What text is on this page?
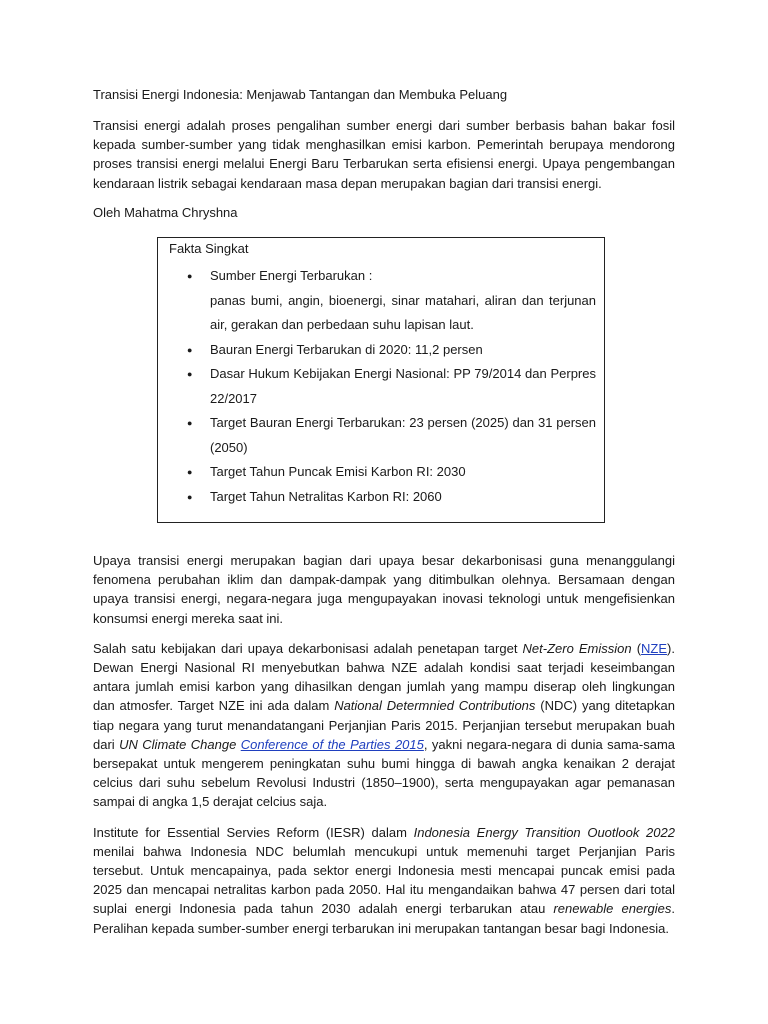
Transisi Energi Indonesia: Menjawab Tantangan dan Membuka Peluang

Transisi energi adalah proses pengalihan sumber energi dari sumber berbasis bahan bakar fosil kepada sumber-sumber yang tidak menghasilkan emisi karbon. Pemerintah berupaya mendorong proses transisi energi melalui Energi Baru Terbarukan serta efisiensi energi. Upaya pengembangan kendaraan listrik sebagai kendaraan masa depan merupakan bagian dari transisi energi.

Oleh Mahatma Chryshna
Fakta Singkat
● Sumber Energi Terbarukan :
panas bumi, angin, bioenergi, sinar matahari, aliran dan terjunan air, gerakan dan perbedaan suhu lapisan laut.
● Bauran Energi Terbarukan di 2020: 11,2 persen
● Dasar Hukum Kebijakan Energi Nasional: PP 79/2014 dan Perpres 22/2017
● Target Bauran Energi Terbarukan: 23 persen (2025) dan 31 persen (2050)
● Target Tahun Puncak Emisi Karbon RI: 2030
● Target Tahun Netralitas Karbon RI: 2060

Upaya transisi energi merupakan bagian dari upaya besar dekarbonisasi guna menanggulangi fenomena perubahan iklim dan dampak-dampak yang ditimbulkan olehnya. Bersamaan dengan upaya transisi energi, negara-negara juga mengupayakan inovasi teknologi untuk mengefisienkan konsumsi energi mereka saat ini.

Salah satu kebijakan dari upaya dekarbonisasi adalah penetapan target Net-Zero Emission (NZE). Dewan Energi Nasional RI menyebutkan bahwa NZE adalah kondisi saat terjadi keseimbangan antara jumlah emisi karbon yang dihasilkan dengan jumlah yang mampu diserap oleh lingkungan dan atmosfer. Target NZE ini ada dalam National Determnied Contributions (NDC) yang ditetapkan tiap negara yang turut menandatangani Perjanjian Paris 2015. Perjanjian tersebut merupakan buah dari UN Climate Change Conference of the Parties 2015, yakni negara-negara di dunia sama-sama bersepakat untuk mengerem peningkatan suhu bumi hingga di bawah angka kenaikan 2 derajat celcius dari suhu sebelum Revolusi Industri (1850–1900), serta mengupayakan agar pemanasan sampai di angka 1,5 derajat celcius saja.

Institute for Essential Servies Reform (IESR) dalam Indonesia Energy Transition Ouotlook 2022 menilai bahwa Indonesia NDC belumlah mencukupi untuk memenuhi target Perjanjian Paris tersebut. Untuk mencapainya, pada sektor energi Indonesia mesti mencapai puncak emisi pada 2025 dan mencapai netralitas karbon pada 2050. Hal itu mengandaikan bahwa 47 persen dari total suplai energi Indonesia pada tahun 2030 adalah energi terbarukan atau renewable energies. Peralihan kepada sumber-sumber energi terbarukan ini merupakan tantangan besar bagi Indonesia.
